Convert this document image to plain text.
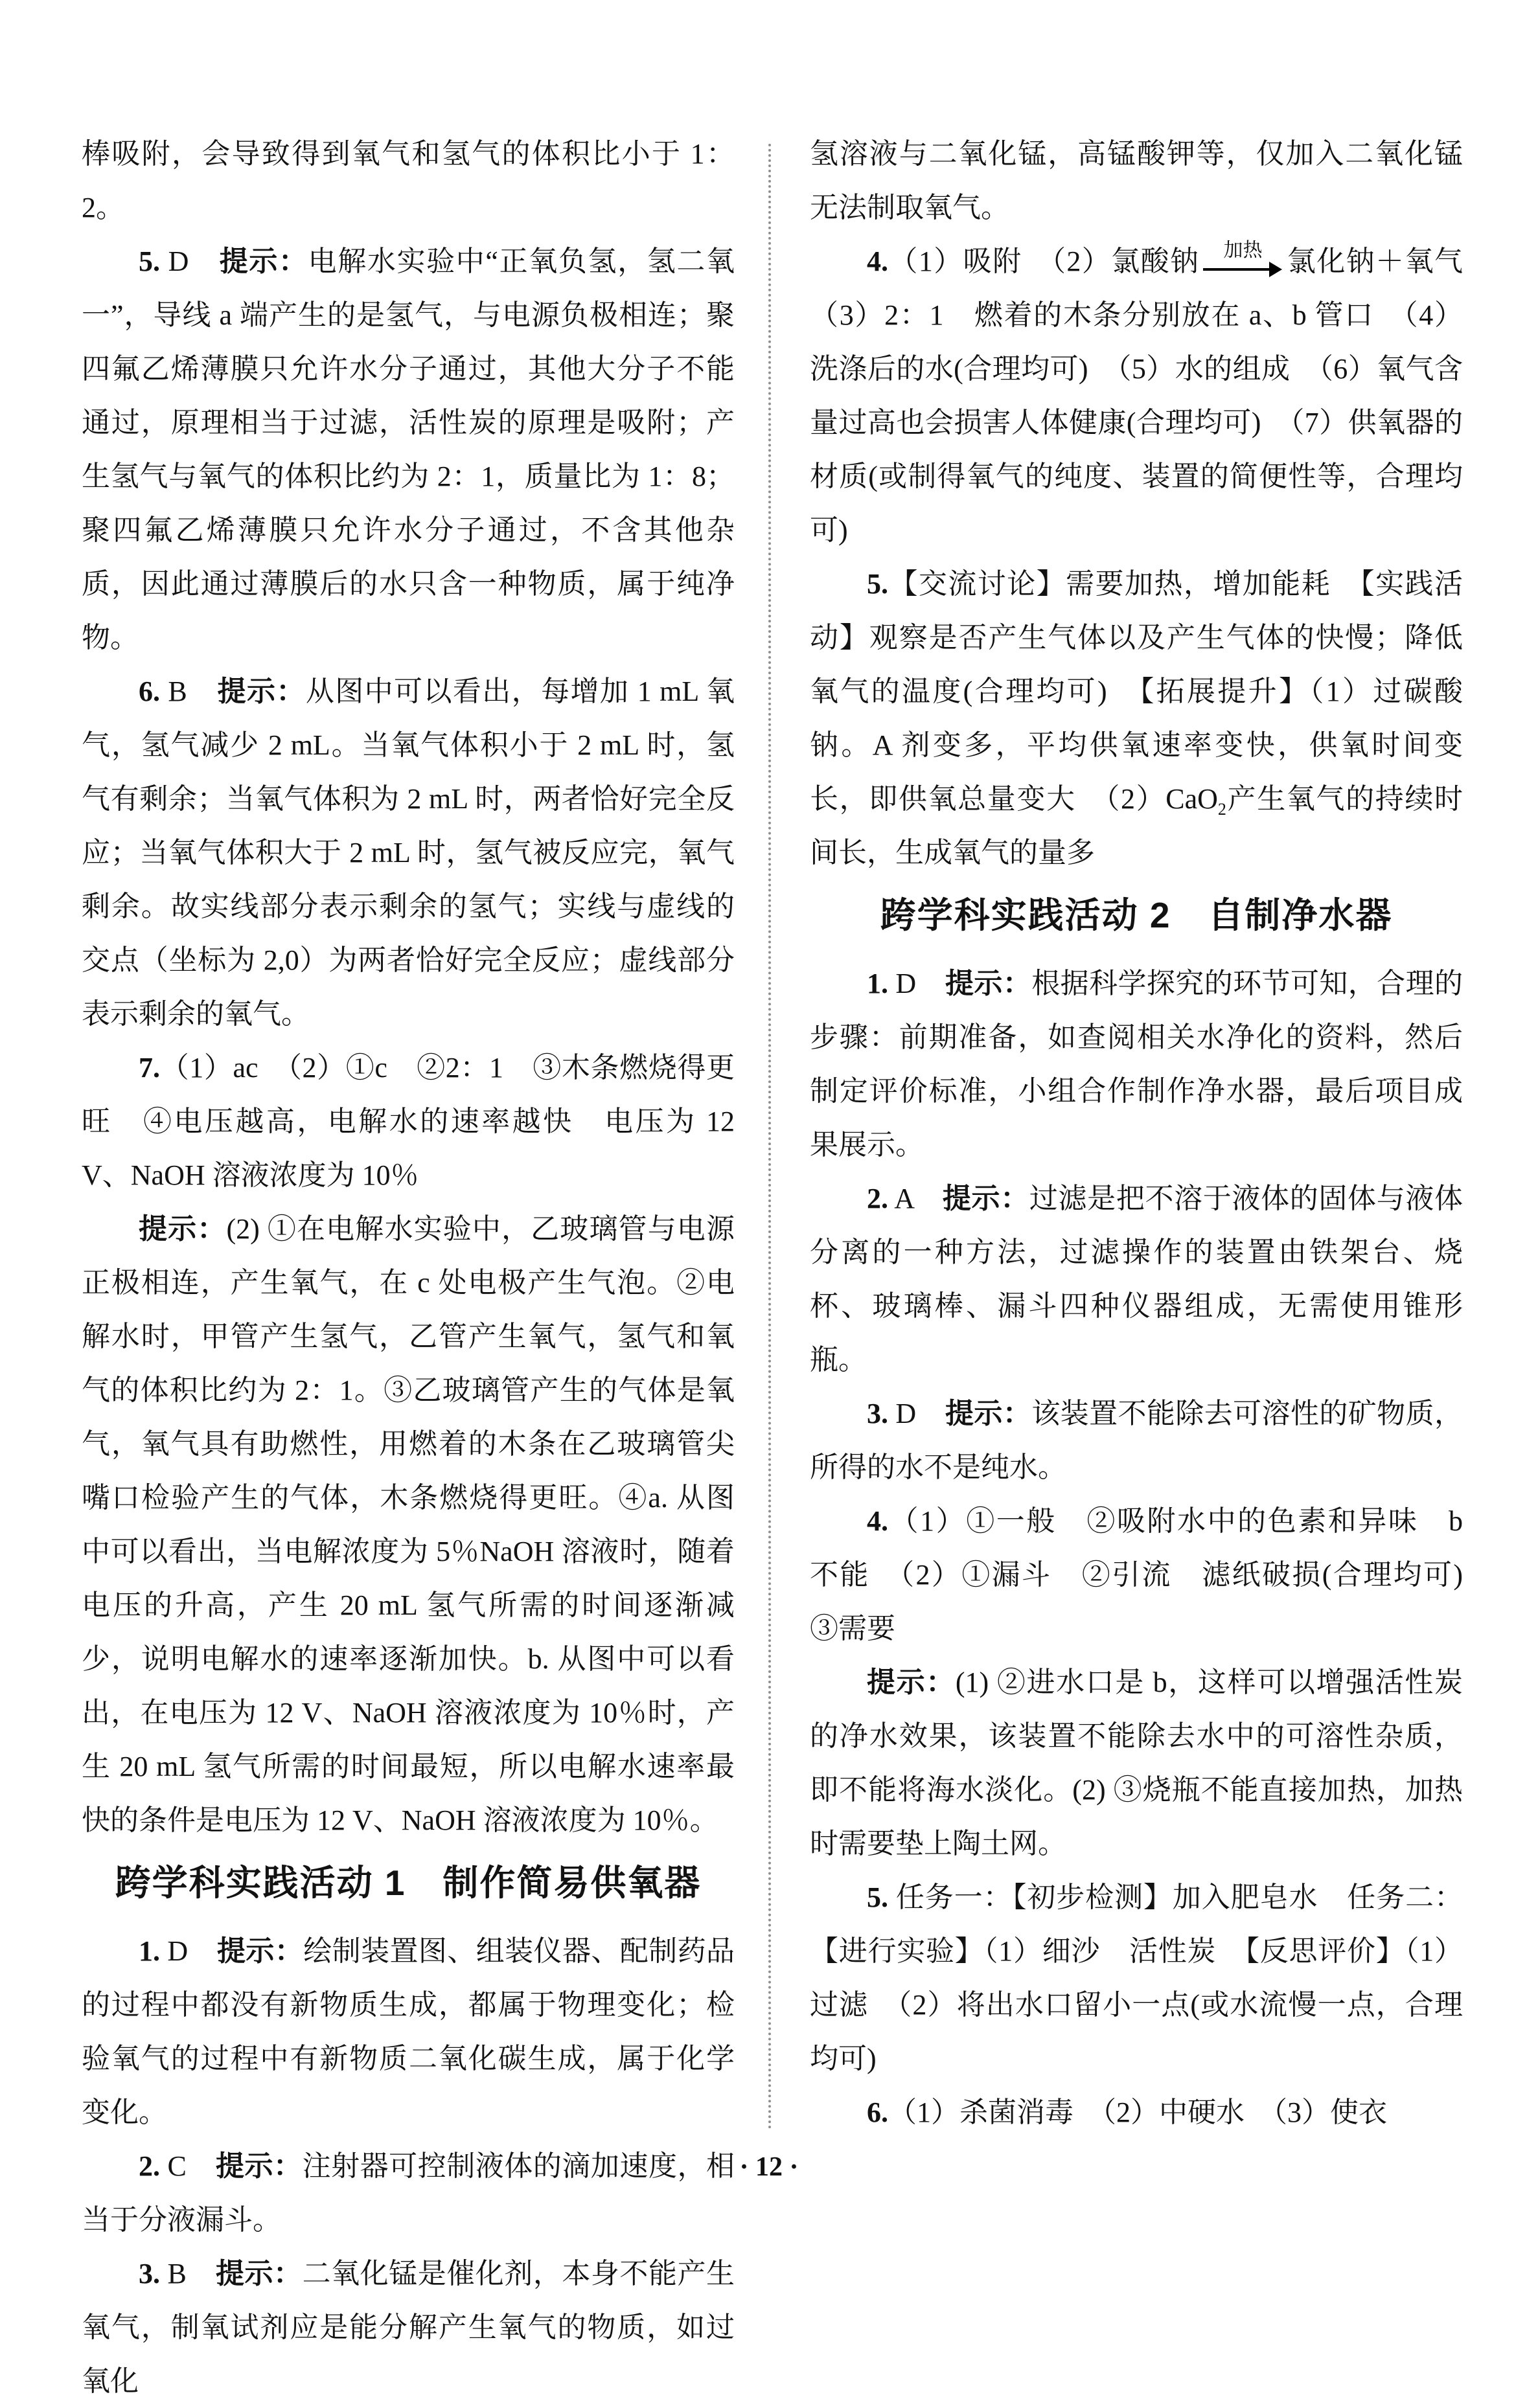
棒吸附，会导致得到氧气和氢气的体积比小于 1：2。
5. D　提示：电解水实验中“正氧负氢，氢二氧一”，导线 a 端产生的是氢气，与电源负极相连；聚四氟乙烯薄膜只允许水分子通过，其他大分子不能通过，原理相当于过滤，活性炭的原理是吸附；产生氢气与氧气的体积比约为 2：1，质量比为 1：8；聚四氟乙烯薄膜只允许水分子通过，不含其他杂质，因此通过薄膜后的水只含一种物质，属于纯净物。
6. B　提示：从图中可以看出，每增加 1 mL 氧气，氢气减少 2 mL。当氧气体积小于 2 mL 时，氢气有剩余；当氧气体积为 2 mL 时，两者恰好完全反应；当氧气体积大于 2 mL 时，氢气被反应完，氧气剩余。故实线部分表示剩余的氢气；实线与虚线的交点（坐标为 2,0）为两者恰好完全反应；虚线部分表示剩余的氧气。
7.（1）ac　（2）①c　②2：1　③木条燃烧得更旺　④电压越高，电解水的速率越快　电压为 12 V、NaOH 溶液浓度为 10％
提示：(2) ①在电解水实验中，乙玻璃管与电源正极相连，产生氧气，在 c 处电极产生气泡。②电解水时，甲管产生氢气，乙管产生氧气，氢气和氧气的体积比约为 2：1。③乙玻璃管产生的气体是氧气，氧气具有助燃性，用燃着的木条在乙玻璃管尖嘴口检验产生的气体，木条燃烧得更旺。④a. 从图中可以看出，当电解浓度为 5％NaOH 溶液时，随着电压的升高，产生 20 mL 氢气所需的时间逐渐减少，说明电解水的速率逐渐加快。b. 从图中可以看出，在电压为 12 V、NaOH 溶液浓度为 10％时，产生 20 mL 氢气所需的时间最短，所以电解水速率最快的条件是电压为 12 V、NaOH 溶液浓度为 10％。
跨学科实践活动 1　制作简易供氧器
1. D　提示：绘制装置图、组装仪器、配制药品的过程中都没有新物质生成，都属于物理变化；检验氧气的过程中有新物质二氧化碳生成，属于化学变化。
2. C　提示：注射器可控制液体的滴加速度，相当于分液漏斗。
3. B　提示：二氧化锰是催化剂，本身不能产生氧气，制氧试剂应是能分解产生氧气的物质，如过氧化
氢溶液与二氧化锰，高锰酸钾等，仅加入二氧化锰无法制取氧气。
4.（1）吸附　（2）氯酸钠 加热 氯化钠＋氧气　（3）2：1　燃着的木条分别放在 a、b 管口　（4）洗涤后的水(合理均可)　（5）水的组成　（6）氧气含量过高也会损害人体健康(合理均可)　（7）供氧器的材质(或制得氧气的纯度、装置的简便性等，合理均可)
5.【交流讨论】需要加热，增加能耗　【实践活动】观察是否产生气体以及产生气体的快慢；降低氧气的温度(合理均可)　【拓展提升】（1）过碳酸钠。A 剂变多，平均供氧速率变快，供氧时间变长，即供氧总量变大　（2）CaO$_2$产生氧气的持续时间长，生成氧气的量多
跨学科实践活动 2　自制净水器
1. D　提示：根据科学探究的环节可知，合理的步骤：前期准备，如查阅相关水净化的资料，然后制定评价标准，小组合作制作净水器，最后项目成果展示。
2. A　提示：过滤是把不溶于液体的固体与液体分离的一种方法，过滤操作的装置由铁架台、烧杯、玻璃棒、漏斗四种仪器组成，无需使用锥形瓶。
3. D　提示：该装置不能除去可溶性的矿物质，所得的水不是纯水。
4.（1）①一般　②吸附水中的色素和异味　b　不能　（2）①漏斗　②引流　滤纸破损(合理均可)　③需要
提示：(1) ②进水口是 b，这样可以增强活性炭的净水效果，该装置不能除去水中的可溶性杂质，即不能将海水淡化。(2) ③烧瓶不能直接加热，加热时需要垫上陶土网。
5. 任务一：【初步检测】加入肥皂水　任务二：【进行实验】（1）细沙　活性炭　【反思评价】（1）过滤　（2）将出水口留小一点(或水流慢一点，合理均可)
6.（1）杀菌消毒　（2）中硬水　（3）使衣
· 12 ·
